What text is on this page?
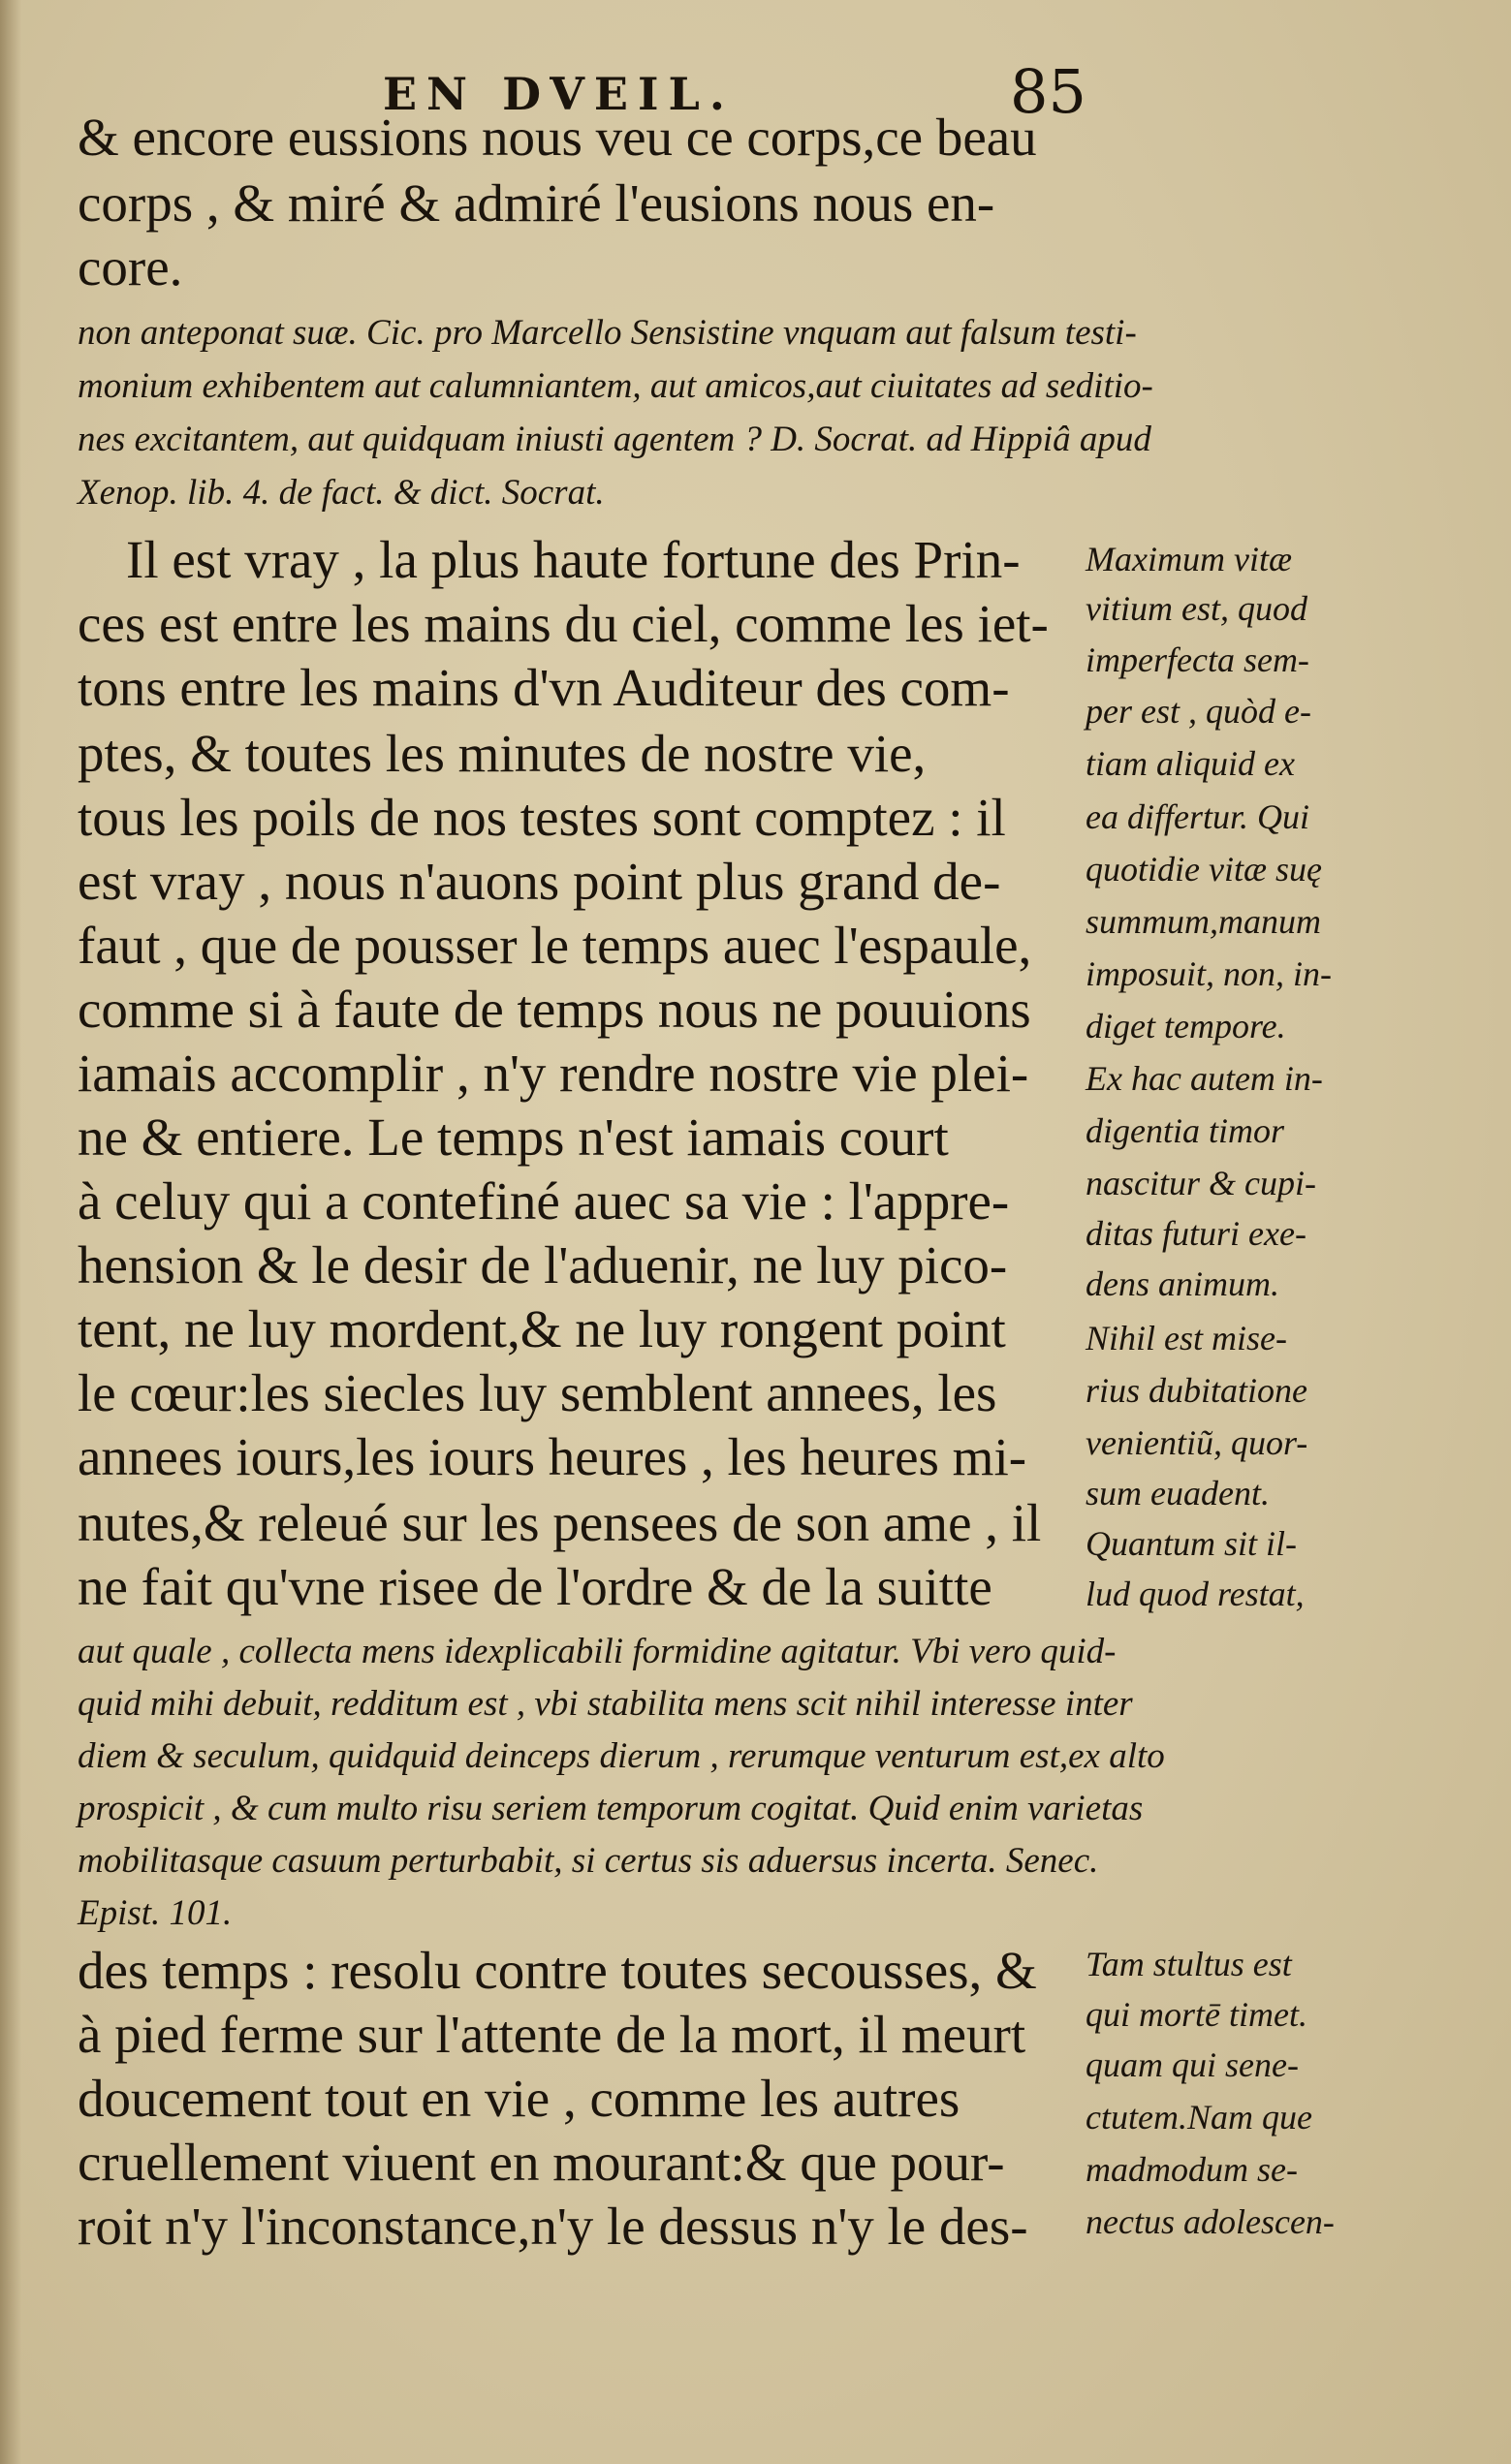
EN DVEIL.	85
& encore eussions nous veu ce corps,ce beau
corps , & miré & admiré l'eusions nous en-
core.
non anteponat suæ. Cic. pro Marcello Sensistine vnquam aut falsum testi-
monium exhibentem aut calumniantem, aut amicos,aut ciuitates ad seditio-
nes excitantem, aut quidquam iniusti agentem ? D. Socrat. ad Hippiâ apud
Xenop. lib. 4. de fact. & dict. Socrat.
Il est vray , la plus haute fortune des Prin-
ces est entre les mains du ciel, comme les iet-
tons entre les mains d'vn Auditeur des com-
ptes, & toutes les minutes de nostre vie,
tous les poils de nos testes sont comptez : il
est vray , nous n'auons point plus grand de-
faut , que de pousser le temps auec l'espaule,
comme si à faute de temps nous ne pouuions
iamais accomplir , n'y rendre nostre vie plei-
ne & entiere. Le temps n'est iamais court
à celuy qui a contefiné auec sa vie : l'appre-
hension & le desir de l'aduenir, ne luy pico-
tent, ne luy mordent,& ne luy rongent point
le cœur:les siecles luy semblent annees, les
annees iours,les iours heures , les heures mi-
nutes,& releué sur les pensees de son ame , il
ne fait qu'vne risee de l'ordre & de la suitte
Maximum vitæ
vitium est, quod
imperfecta sem-
per est , quòd e-
tiam aliquid ex
ea differtur. Qui
quotidie vitæ suę
summum,manum
imposuit, non, in-
diget tempore.
Ex hac autem in-
digentia timor
nascitur & cupi-
ditas futuri exe-
dens animum.
Nihil est mise-
rius dubitatione
venientiũ, quor-
sum euadent.
Quantum sit il-
lud quod restat,
aut quale , collecta mens idexplicabili formidine agitatur. Vbi vero quid-
quid mihi debuit, redditum est , vbi stabilita mens scit nihil interesse inter
diem & seculum, quidquid deinceps dierum , rerumque venturum est,ex alto
prospicit , & cum multo risu seriem temporum cogitat. Quid enim varietas
mobilitasque casuum perturbabit, si certus sis aduersus incerta. Senec.
Epist. 101.
des temps : resolu contre toutes secousses, &
à pied ferme sur l'attente de la mort, il meurt
doucement tout en vie , comme les autres
cruellement viuent en mourant:& que pour-
roit n'y l'inconstance,n'y le dessus n'y le des-
Tam stultus est
qui mortē timet.
quam qui sene-
ctutem.Nam que
madmodum se-
nectus adolescen-
